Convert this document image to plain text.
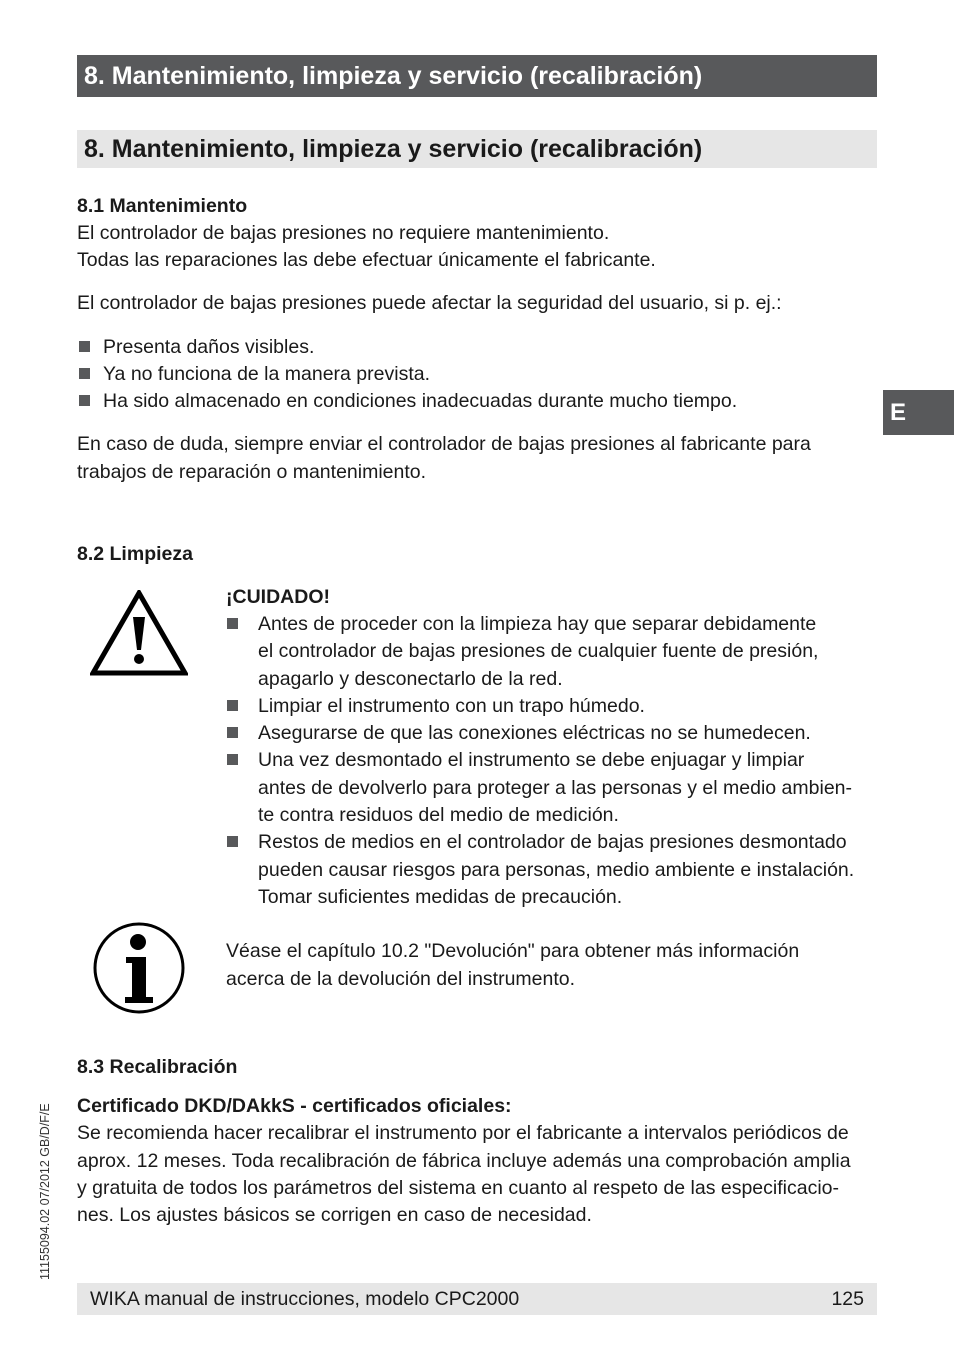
8. Mantenimiento, limpieza y servicio (recalibración)
8. Mantenimiento, limpieza y servicio (recalibración)
E
8.1 Mantenimiento
El controlador de bajas presiones no requiere mantenimiento.
Todas las reparaciones las debe efectuar únicamente el fabricante.
El controlador de bajas presiones puede afectar la seguridad del usuario, si p. ej.:
Presenta daños visibles.
Ya no funciona de la manera prevista.
Ha sido almacenado en condiciones inadecuadas durante mucho tiempo.
En caso de duda, siempre enviar el controlador de bajas presiones al fabricante para
trabajos de reparación o mantenimiento.
8.2 Limpieza
¡CUIDADO!
Antes de proceder con la limpieza hay que separar debidamente
el controlador de bajas presiones de cualquier fuente de presión,
apagarlo y desconectarlo de la red.
Limpiar el instrumento con un trapo húmedo.
Asegurarse de que las conexiones eléctricas no se humedecen.
Una vez desmontado el instrumento se debe enjuagar y limpiar
antes de devolverlo para proteger a las personas y el medio ambien-
te contra residuos del medio de medición.
Restos de medios en el controlador de bajas presiones desmontado
pueden causar riesgos para personas, medio ambiente e instalación.
Tomar suficientes medidas de precaución.
Véase el capítulo 10.2 "Devolución" para obtener más información
acerca de la devolución del instrumento.
8.3 Recalibración
Certificado DKD/DAkkS - certificados oficiales:
Se recomienda hacer recalibrar el instrumento por el fabricante a intervalos periódicos de
aprox. 12 meses. Toda recalibración de fábrica incluye además una comprobación amplia
y gratuita de todos los parámetros del sistema en cuanto al respeto de las especificacio-
nes. Los ajustes básicos se corrigen en caso de necesidad.
11155094.02 07/2012 GB/D/F/E
WIKA manual de instrucciones, modelo CPC2000	125
